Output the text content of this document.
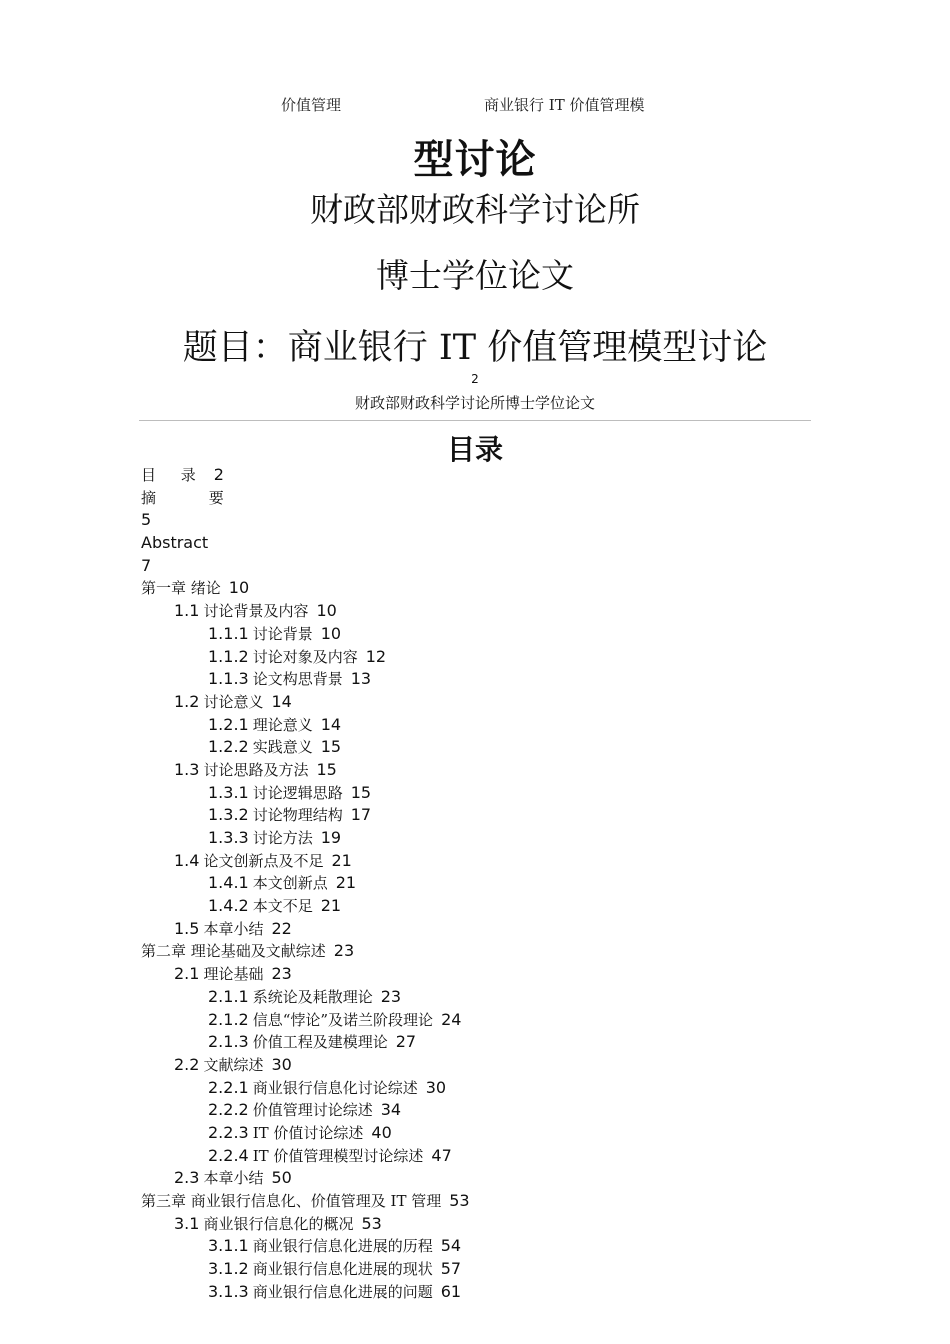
价值管理	商业银行 IT 价值管理模
型讨论
财政部财政科学讨论所
博士学位论文
题目：商业银行 IT 价值管理模型讨论
2
财政部财政科学讨论所博士学位论文
目录
目 录 2
摘 要
5
Abstract
7
第一章 绪论 10
1.1 讨论背景及内容 10
1.1.1 讨论背景 10
1.1.2 讨论对象及内容 12
1.1.3 论文构思背景 13
1.2 讨论意义 14
1.2.1 理论意义 14
1.2.2 实践意义 15
1.3 讨论思路及方法 15
1.3.1 讨论逻辑思路 15
1.3.2 讨论物理结构 17
1.3.3 讨论方法 19
1.4 论文创新点及不足 21
1.4.1 本文创新点 21
1.4.2 本文不足 21
1.5 本章小结 22
第二章 理论基础及文献综述 23
2.1 理论基础 23
2.1.1 系统论及耗散理论 23
2.1.2 信息“悖论”及诺兰阶段理论 24
2.1.3 价值工程及建模理论 27
2.2 文献综述 30
2.2.1 商业银行信息化讨论综述 30
2.2.2 价值管理讨论综述 34
2.2.3 IT 价值讨论综述 40
2.2.4 IT 价值管理模型讨论综述 47
2.3 本章小结 50
第三章 商业银行信息化、价值管理及 IT 管理 53
3.1 商业银行信息化的概况 53
3.1.1 商业银行信息化进展的历程 54
3.1.2 商业银行信息化进展的现状 57
3.1.3 商业银行信息化进展的问题 61
